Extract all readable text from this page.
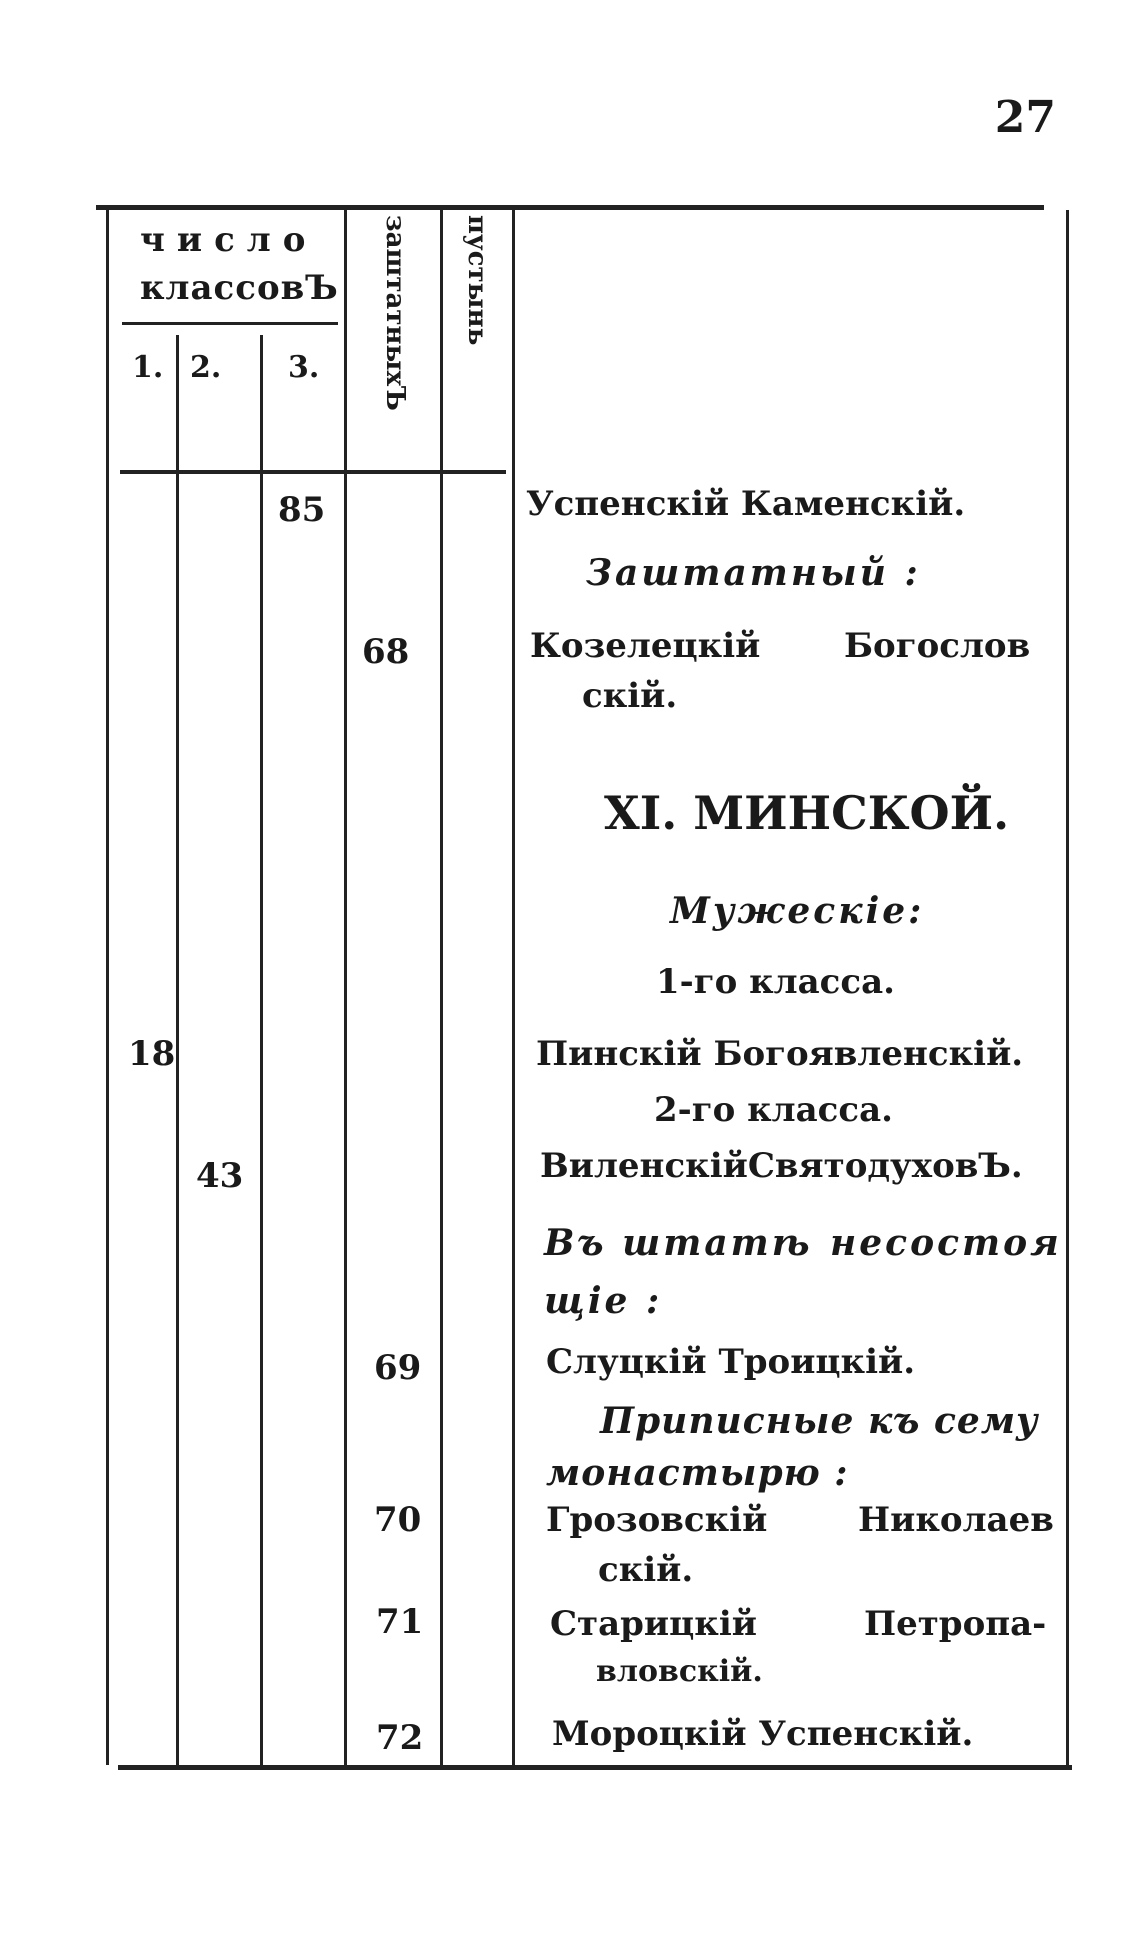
27
число
классовЪ
1. 2. 3. заштатныхЪ пустынь
85
68
18
43
69
70
71
72
Успенскій Каменскій.
Заштатный :
Козелецкій Богослов
скій.
XI. МИНСКОЙ.
Мужескіе:
1-го класса.
Пинскій Богоявленскій.
2-го класса.
ВиленскійСвятодуховЪ.
Въ штатѣ несостоя
щіе :
Слуцкій Троицкій.
Приписные къ сему
монастырю :
Грозовскій	Николаев
скій.
Старицкій	Петропа-
вловскій.
Мороцкій Успенскій.
